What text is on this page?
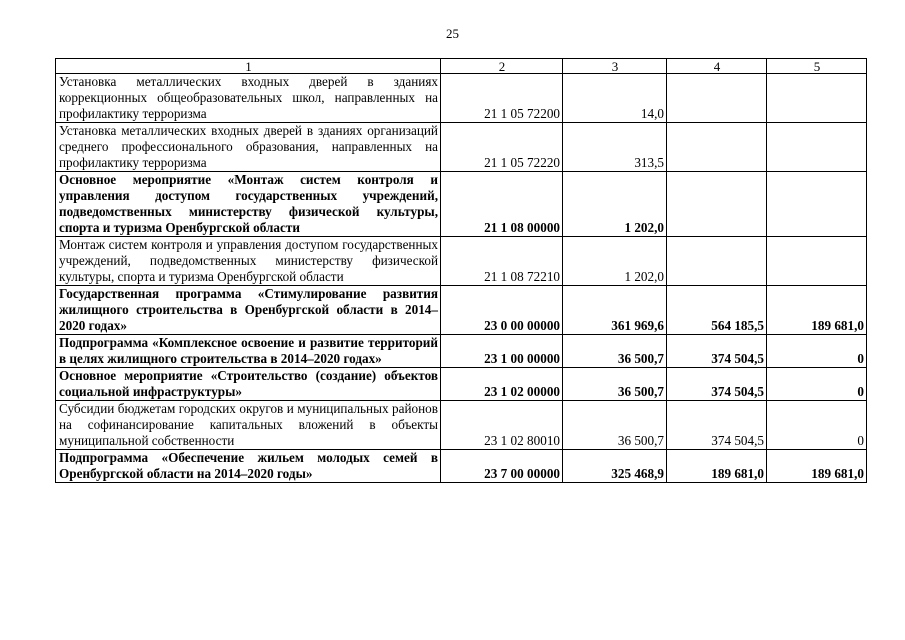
25
1	2	3	4	5
Установка металлических входных дверей в зданиях коррекционных общеобразовательных школ, направленных на профилактику терроризма	21 1 05 72200	14,0		
Установка металлических входных дверей в зданиях организаций среднего профессионального образования, направленных на профилактику терроризма	21 1 05 72220	313,5		
Основное мероприятие «Монтаж систем контроля и управления доступом государственных учреждений, подведомственных министерству физической культуры, спорта и туризма Оренбургской области	21 1 08 00000	1 202,0		
Монтаж систем контроля и управления доступом государственных учреждений, подведомственных министерству физической культуры, спорта и туризма Оренбургской области	21 1 08 72210	1 202,0		
Государственная программа «Стимулирование развития жилищного строительства в Оренбургской области в 2014–2020 годах»	23 0 00 00000	361 969,6	564 185,5	189 681,0
Подпрограмма «Комплексное освоение и развитие территорий в целях жилищного строительства в 2014–2020 годах»	23 1 00 00000	36 500,7	374 504,5	0
Основное мероприятие «Строительство (создание) объектов социальной инфраструктуры»	23 1 02 00000	36 500,7	374 504,5	0
Субсидии бюджетам городских округов и муниципальных районов на софинансирование капитальных вложений в объекты муниципальной собственности	23 1 02 80010	36 500,7	374 504,5	0
Подпрограмма «Обеспечение жильем молодых семей в Оренбургской области на 2014–2020 годы»	23 7 00 00000	325 468,9	189 681,0	189 681,0
